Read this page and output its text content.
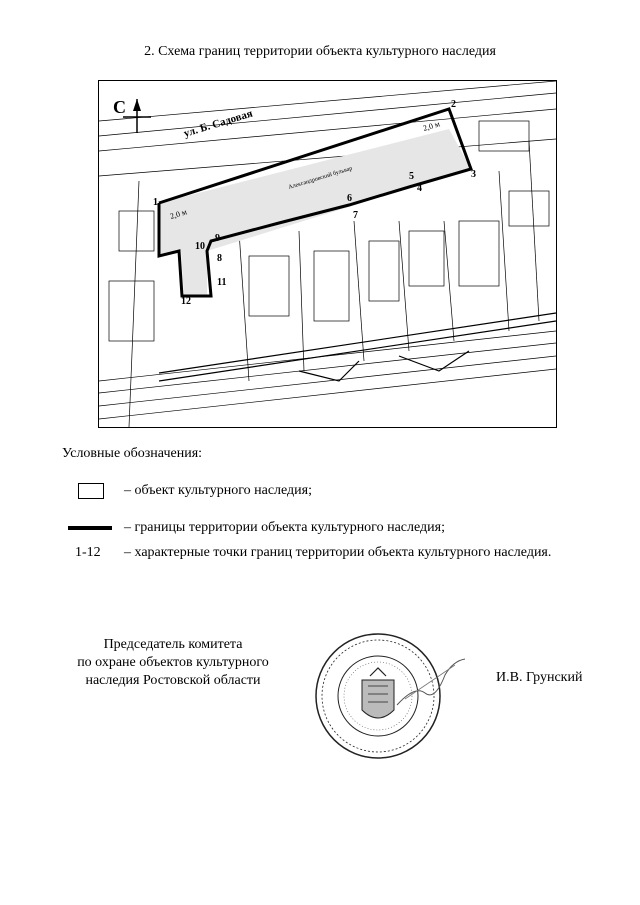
2. Схема границ территории объекта культурного наследия
С
ул. Б. Садовая
Александровский бульвар
2,0 м
2,0 м
1
2
3
4
5
6
7
8
9
10
11
12
Условные обозначения:
– объект культурного наследия;
– границы территории объекта культурного наследия;
1-12 – характерные точки границ территории объекта культурного наследия.
Председатель комитета
по охране объектов культурного
наследия Ростовской области	И.В. Грунский
